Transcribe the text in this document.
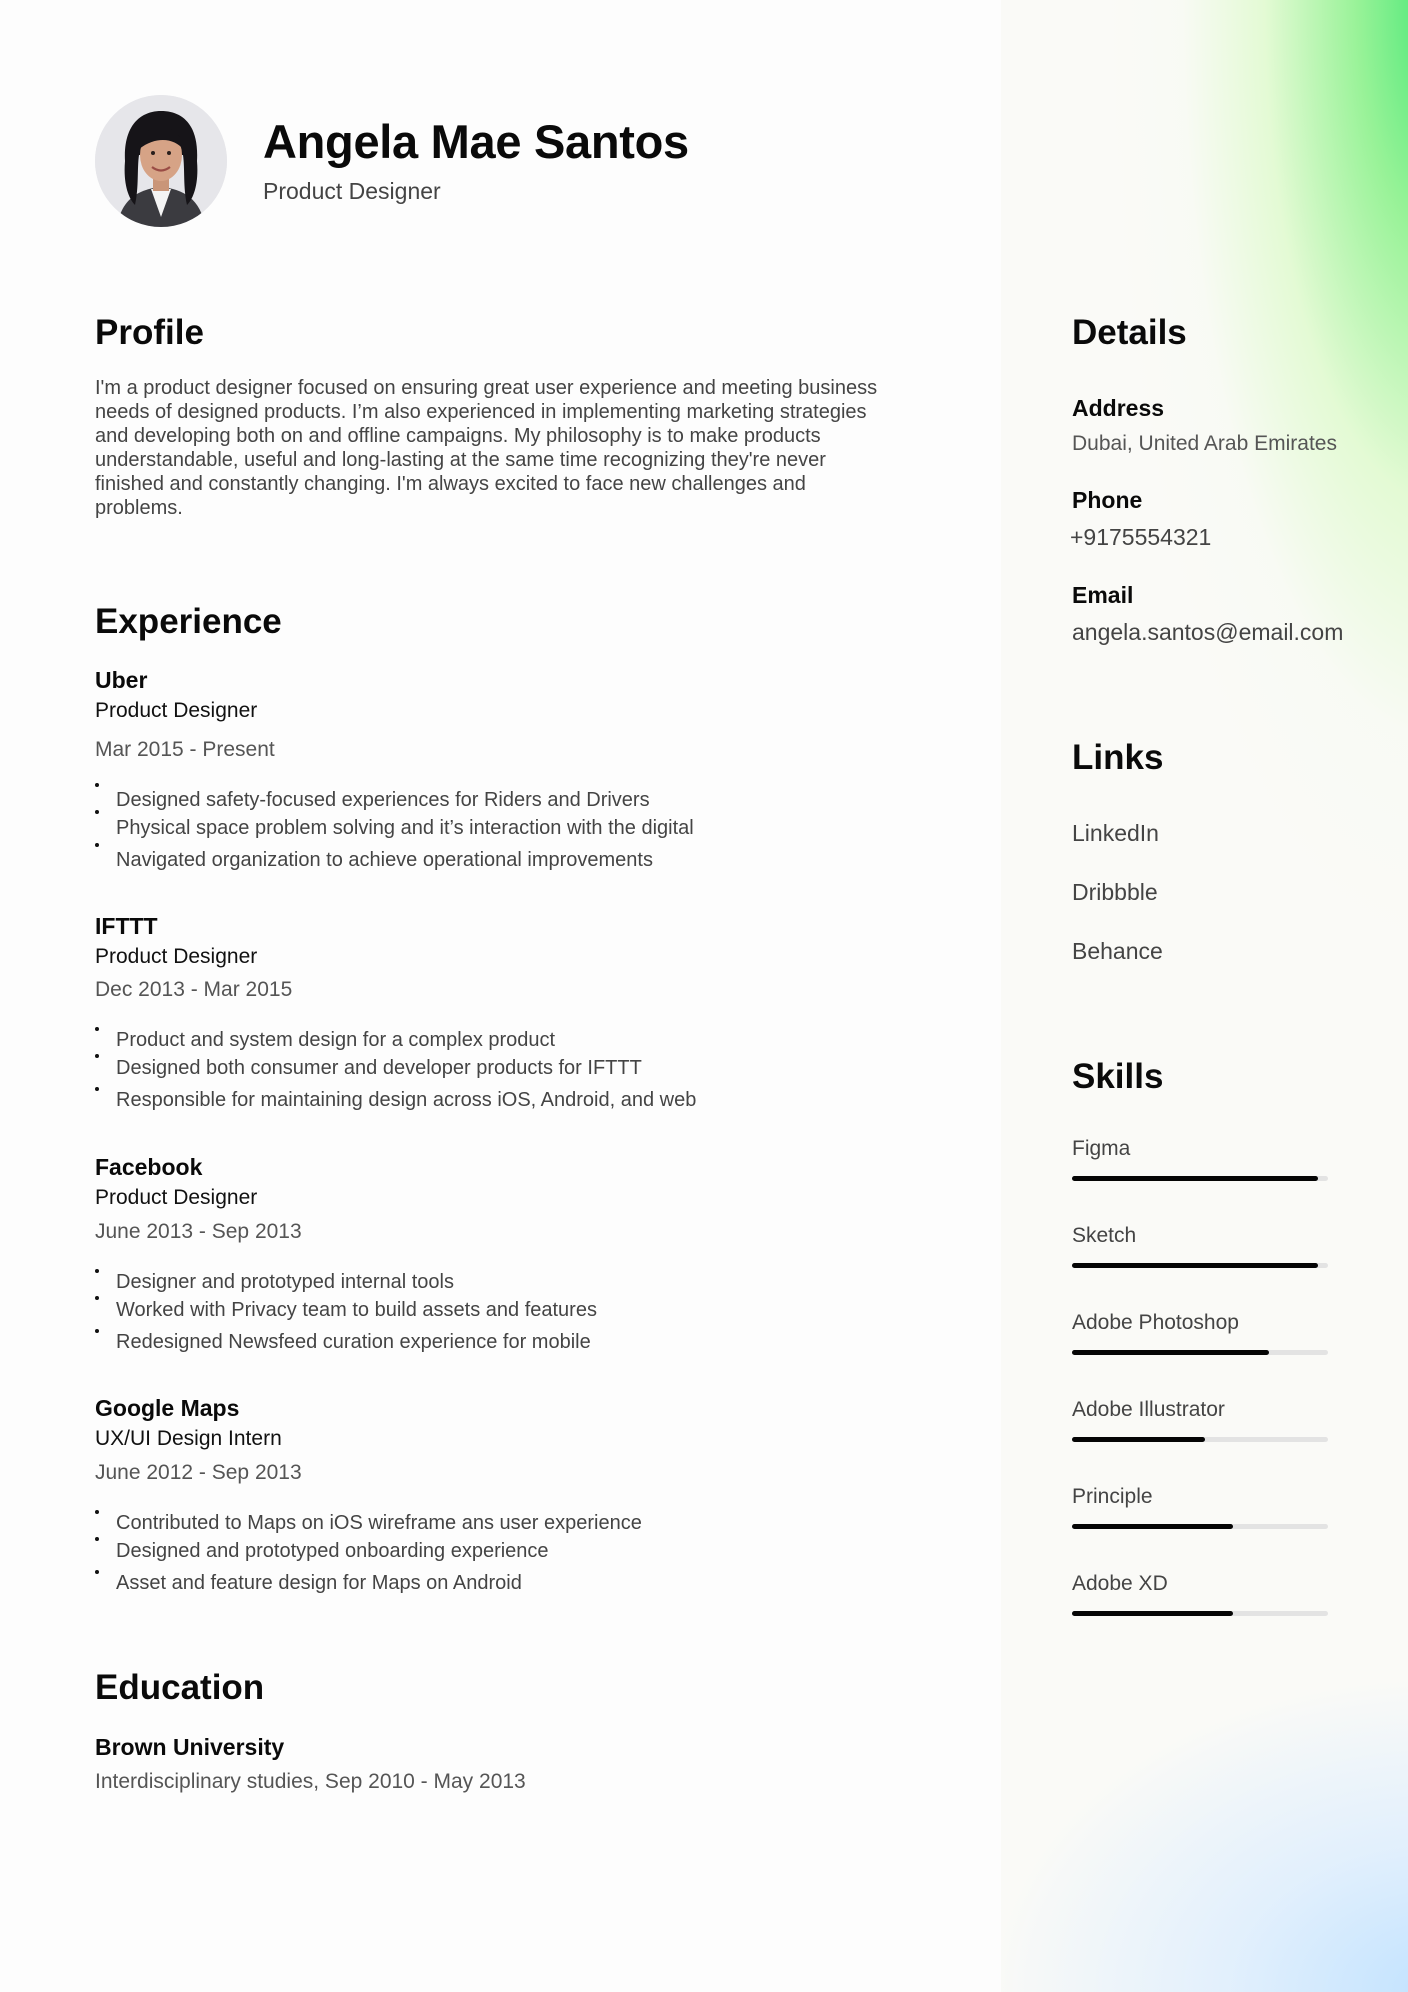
Angela Mae Santos

Product Designer

Profile

I'm a product designer focused on ensuring great user experience and meeting business needs of designed products. I’m also experienced in implementing marketing strategies and developing both on and offline campaigns. My philosophy is to make products understandable, useful and long-lasting at the same time recognizing they're never finished and constantly changing. I'm always excited to face new challenges and problems.

Experience
Uber
Product Designer
Mar 2015 - Present
Designed safety-focused experiences for Riders and Drivers
Physical space problem solving and it’s interaction with the digital
Navigated organization to achieve operational improvements
IFTTT
Product Designer
Dec 2013 - Mar 2015
Product and system design for a complex product
Designed both consumer and developer products for IFTTT
Responsible for maintaining design across iOS, Android, and web
Facebook
Product Designer
June 2013 - Sep 2013
Designer and prototyped internal tools
Worked with Privacy team to build assets and features
Redesigned Newsfeed curation experience for mobile
Google Maps
UX/UI Design Intern
June 2012 - Sep 2013
Contributed to Maps on iOS wireframe ans user experience
Designed and prototyped onboarding experience
Asset and feature design for Maps on Android
Education
Brown University
Interdisciplinary studies, Sep 2010 - May 2013
Details
Address
Dubai, United Arab Emirates
Phone
+9175554321
Email
angela.santos@email.com
Links
LinkedIn
Dribbble
Behance
Skills
Figma
Sketch
Adobe Photoshop
Adobe Illustrator
Principle
Adobe XD
